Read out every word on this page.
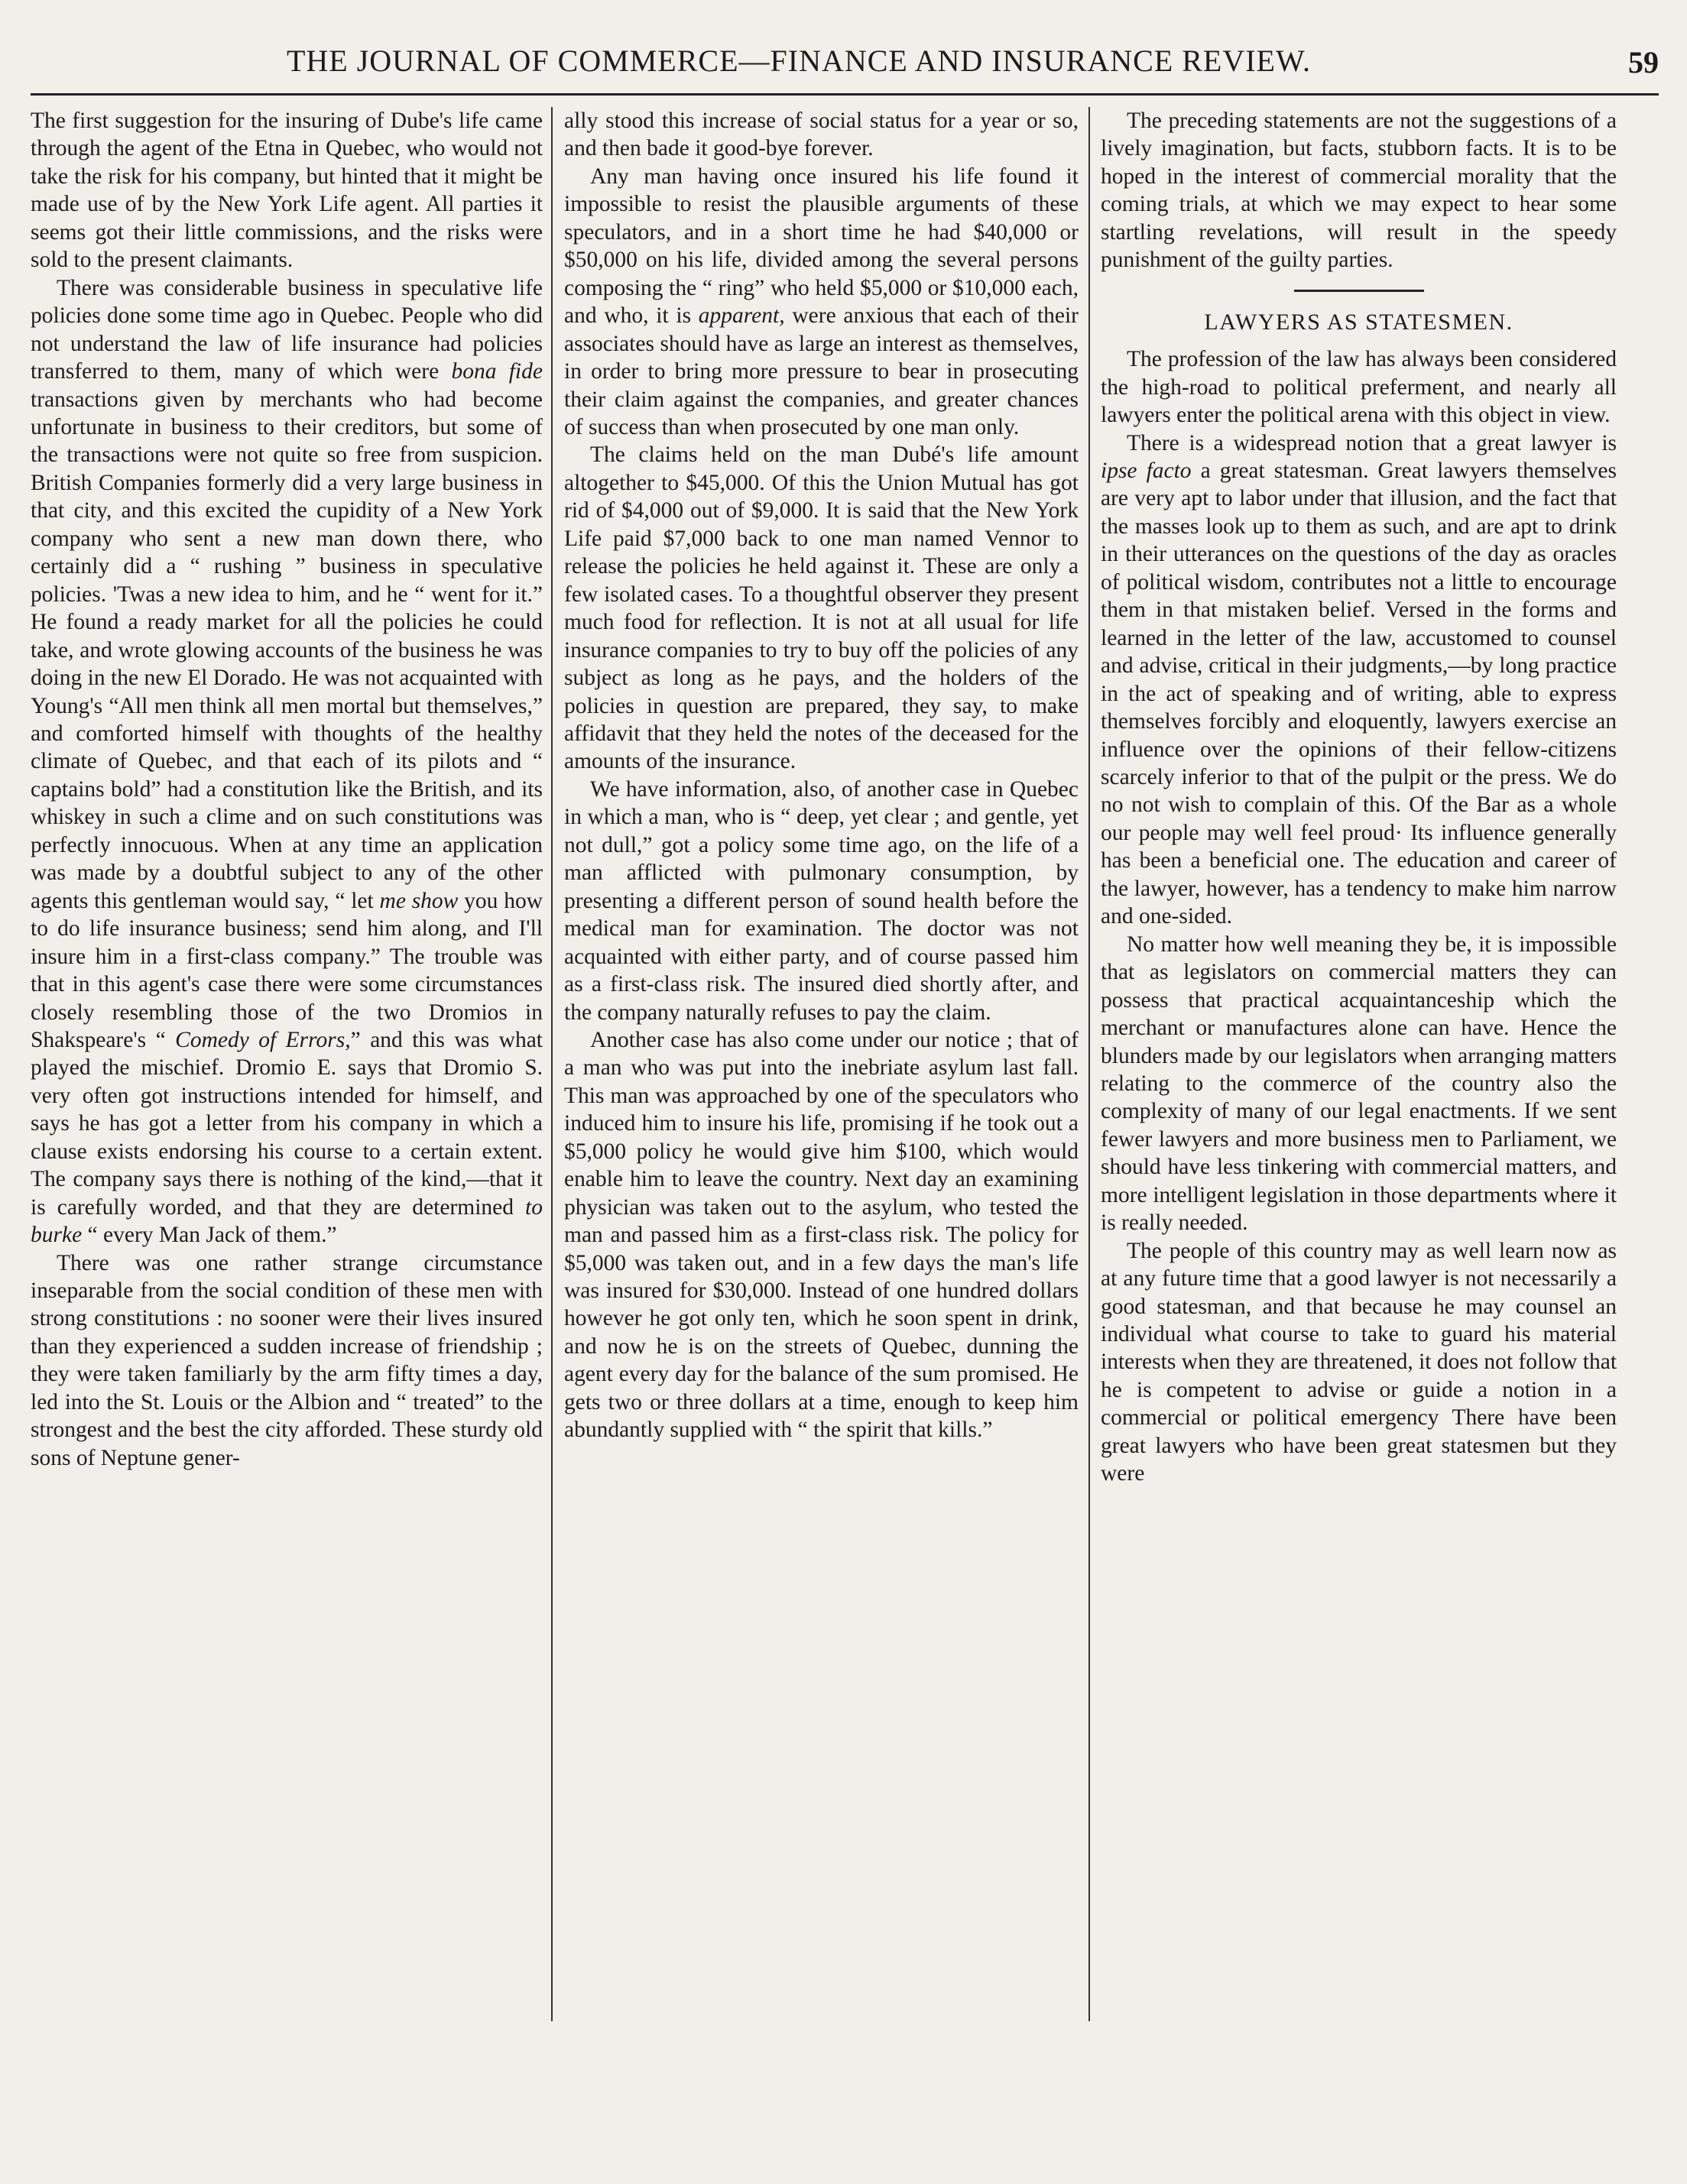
THE JOURNAL OF COMMERCE—FINANCE AND INSURANCE REVIEW.	59

The first suggestion for the insuring of Dube's life came through the agent of the Etna in Quebec, who would not take the risk for his company, but hinted that it might be made use of by the New York Life agent. All parties it seems got their little commissions, and the risks were sold to the present claimants.

There was considerable business in speculative life policies done some time ago in Quebec. People who did not understand the law of life insurance had policies transferred to them, many of which were bona fide transactions given by merchants who had become unfortunate in business to their creditors, but some of the transactions were not quite so free from suspicion. British Companies formerly did a very large business in that city, and this excited the cupidity of a New York company who sent a new man down there, who certainly did a “ rushing ” business in speculative policies. 'Twas a new idea to him, and he “ went for it.” He found a ready market for all the policies he could take, and wrote glowing accounts of the business he was doing in the new El Dorado. He was not acquainted with Young's “All men think all men mortal but themselves,” and comforted himself with thoughts of the healthy climate of Quebec, and that each of its pilots and “ captains bold” had a constitution like the British, and its whiskey in such a clime and on such constitutions was perfectly innocuous. When at any time an application was made by a doubtful subject to any of the other agents this gentleman would say, “ let me show you how to do life insurance business; send him along, and I'll insure him in a first-class company.” The trouble was that in this agent's case there were some circumstances closely resembling those of the two Dromios in Shakspeare's “ Comedy of Errors,” and this was what played the mischief. Dromio E. says that Dromio S. very often got instructions intended for himself, and says he has got a letter from his company in which a clause exists endorsing his course to a certain extent. The company says there is nothing of the kind,—that it is carefully worded, and that they are determined to burke “ every Man Jack of them.”

There was one rather strange circumstance inseparable from the social condition of these men with strong constitutions : no sooner were their lives insured than they experienced a sudden increase of friendship ; they were taken familiarly by the arm fifty times a day, led into the St. Louis or the Albion and “ treated” to the strongest and the best the city afforded. These sturdy old sons of Neptune gener-

ally stood this increase of social status for a year or so, and then bade it good-bye forever.

Any man having once insured his life found it impossible to resist the plausible arguments of these speculators, and in a short time he had $40,000 or $50,000 on his life, divided among the several persons composing the “ ring” who held $5,000 or $10,000 each, and who, it is apparent, were anxious that each of their associates should have as large an interest as themselves, in order to bring more pressure to bear in prosecuting their claim against the companies, and greater chances of success than when prosecuted by one man only.

The claims held on the man Dubé's life amount altogether to $45,000. Of this the Union Mutual has got rid of $4,000 out of $9,000. It is said that the New York Life paid $7,000 back to one man named Vennor to release the policies he held against it. These are only a few isolated cases. To a thoughtful observer they present much food for reflection. It is not at all usual for life insurance companies to try to buy off the policies of any subject as long as he pays, and the holders of the policies in question are prepared, they say, to make affidavit that they held the notes of the deceased for the amounts of the insurance.

We have information, also, of another case in Quebec in which a man, who is “ deep, yet clear ; and gentle, yet not dull,” got a policy some time ago, on the life of a man afflicted with pulmonary consumption, by presenting a different person of sound health before the medical man for examination. The doctor was not acquainted with either party, and of course passed him as a first-class risk. The insured died shortly after, and the company naturally refuses to pay the claim.

Another case has also come under our notice ; that of a man who was put into the inebriate asylum last fall. This man was approached by one of the speculators who induced him to insure his life, promising if he took out a $5,000 policy he would give him $100, which would enable him to leave the country. Next day an examining physician was taken out to the asylum, who tested the man and passed him as a first-class risk. The policy for $5,000 was taken out, and in a few days the man's life was insured for $30,000. Instead of one hundred dollars however he got only ten, which he soon spent in drink, and now he is on the streets of Quebec, dunning the agent every day for the balance of the sum promised. He gets two or three dollars at a time, enough to keep him abundantly supplied with “ the spirit that kills.”

The preceding statements are not the suggestions of a lively imagination, but facts, stubborn facts. It is to be hoped in the interest of commercial morality that the coming trials, at which we may expect to hear some startling revelations, will result in the speedy punishment of the guilty parties.

LAWYERS AS STATESMEN.

The profession of the law has always been considered the high-road to political preferment, and nearly all lawyers enter the political arena with this object in view.

There is a widespread notion that a great lawyer is ipse facto a great statesman. Great lawyers themselves are very apt to labor under that illusion, and the fact that the masses look up to them as such, and are apt to drink in their utterances on the questions of the day as oracles of political wisdom, contributes not a little to encourage them in that mistaken belief. Versed in the forms and learned in the letter of the law, accustomed to counsel and advise, critical in their judgments,—by long practice in the act of speaking and of writing, able to express themselves forcibly and eloquently, lawyers exercise an influence over the opinions of their fellow-citizens scarcely inferior to that of the pulpit or the press. We do no not wish to complain of this. Of the Bar as a whole our people may well feel proud· Its influence generally has been a beneficial one. The education and career of the lawyer, however, has a tendency to make him narrow and one-sided.

No matter how well meaning they be, it is impossible that as legislators on commercial matters they can possess that practical acquaintanceship which the merchant or manufactures alone can have. Hence the blunders made by our legislators when arranging matters relating to the commerce of the country also the complexity of many of our legal enactments. If we sent fewer lawyers and more business men to Parliament, we should have less tinkering with commercial matters, and more intelligent legislation in those departments where it is really needed.

The people of this country may as well learn now as at any future time that a good lawyer is not necessarily a good statesman, and that because he may counsel an individual what course to take to guard his material interests when they are threatened, it does not follow that he is competent to advise or guide a notion in a commercial or political emergency There have been great lawyers who have been great statesmen but they were
